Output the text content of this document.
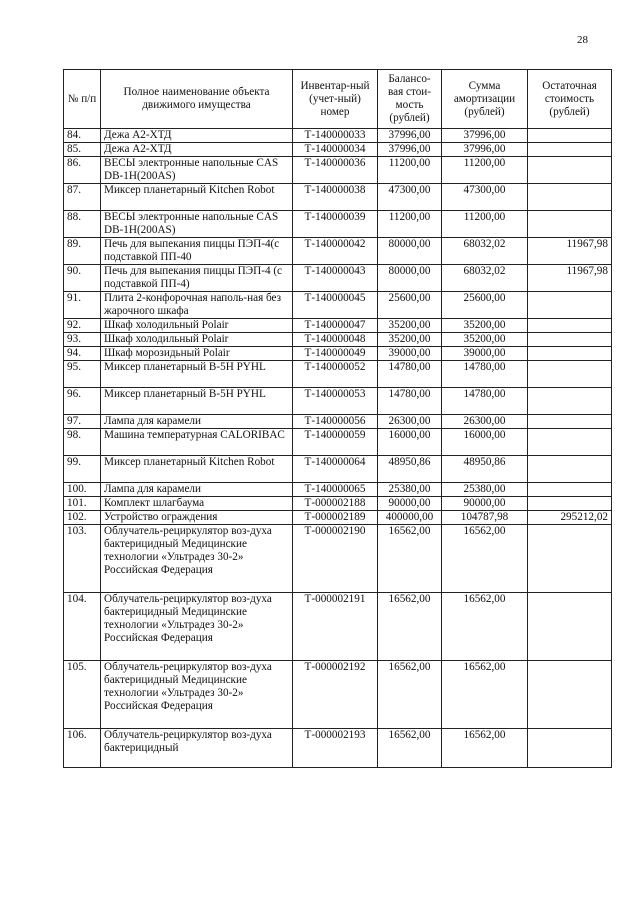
28
№ п/п	Полное наименование объекта движимого имущества	Инвентар-ный (учет-ный) номер	Балансо-вая стои-мость (рублей)	Сумма амортизации (рублей)	Остаточная стоимость (рублей)
84.	Дежа А2-ХТД	Т-140000033	37996,00	37996,00	
85.	Дежа А2-ХТД	Т-140000034	37996,00	37996,00	
86.	ВЕСЫ электронные напольные CAS DB-1H(200AS)	Т-140000036	11200,00	11200,00	
87.	Миксер планетарный Kitchen Robot	Т-140000038	47300,00	47300,00	
88.	ВЕСЫ электронные напольные CAS DB-1H(200AS)	Т-140000039	11200,00	11200,00	
89.	Печь для выпекания пиццы ПЭП-4(с подставкой ПП-40	Т-140000042	80000,00	68032,02	11967,98
90.	Печь для выпекания пиццы ПЭП-4 (с подставкой ПП-4)	Т-140000043	80000,00	68032,02	11967,98
91.	Плита 2-конфорочная наполь-ная без жарочного шкафа	Т-140000045	25600,00	25600,00	
92.	Шкаф холодильный Polair	Т-140000047	35200,00	35200,00	
93.	Шкаф холодильный Polair	Т-140000048	35200,00	35200,00	
94.	Шкаф морозидьный Polair	Т-140000049	39000,00	39000,00	
95.	Миксер планетарный B-5H PYHL	Т-140000052	14780,00	14780,00	
96.	Миксер планетарный B-5H PYHL	Т-140000053	14780,00	14780,00	
97.	Лампа для карамели	Т-140000056	26300,00	26300,00	
98.	Машина температурная CALORIBAC	Т-140000059	16000,00	16000,00	
99.	Миксер планетарный Kitchen Robot	Т-140000064	48950,86	48950,86	
100.	Лампа для карамели	Т-140000065	25380,00	25380,00	
101.	Комплект шлагбаума	Т-000002188	90000,00	90000,00	
102.	Устройство ограждения	Т-000002189	400000,00	104787,98	295212,02
103.	Облучатель-рециркулятор воз-духа бактерицидный Медицинские технологии «Ультрадез 30-2» Российская Федерация	Т-000002190	16562,00	16562,00	
104.	Облучатель-рециркулятор воз-духа бактерицидный Медицинские технологии «Ультрадез 30-2» Российская Федерация	Т-000002191	16562,00	16562,00	
105.	Облучатель-рециркулятор воз-духа бактерицидный Медицинские технологии «Ультрадез 30-2» Российская Федерация	Т-000002192	16562,00	16562,00	
106.	Облучатель-рециркулятор воз-духа бактерицидный	Т-000002193	16562,00	16562,00	
